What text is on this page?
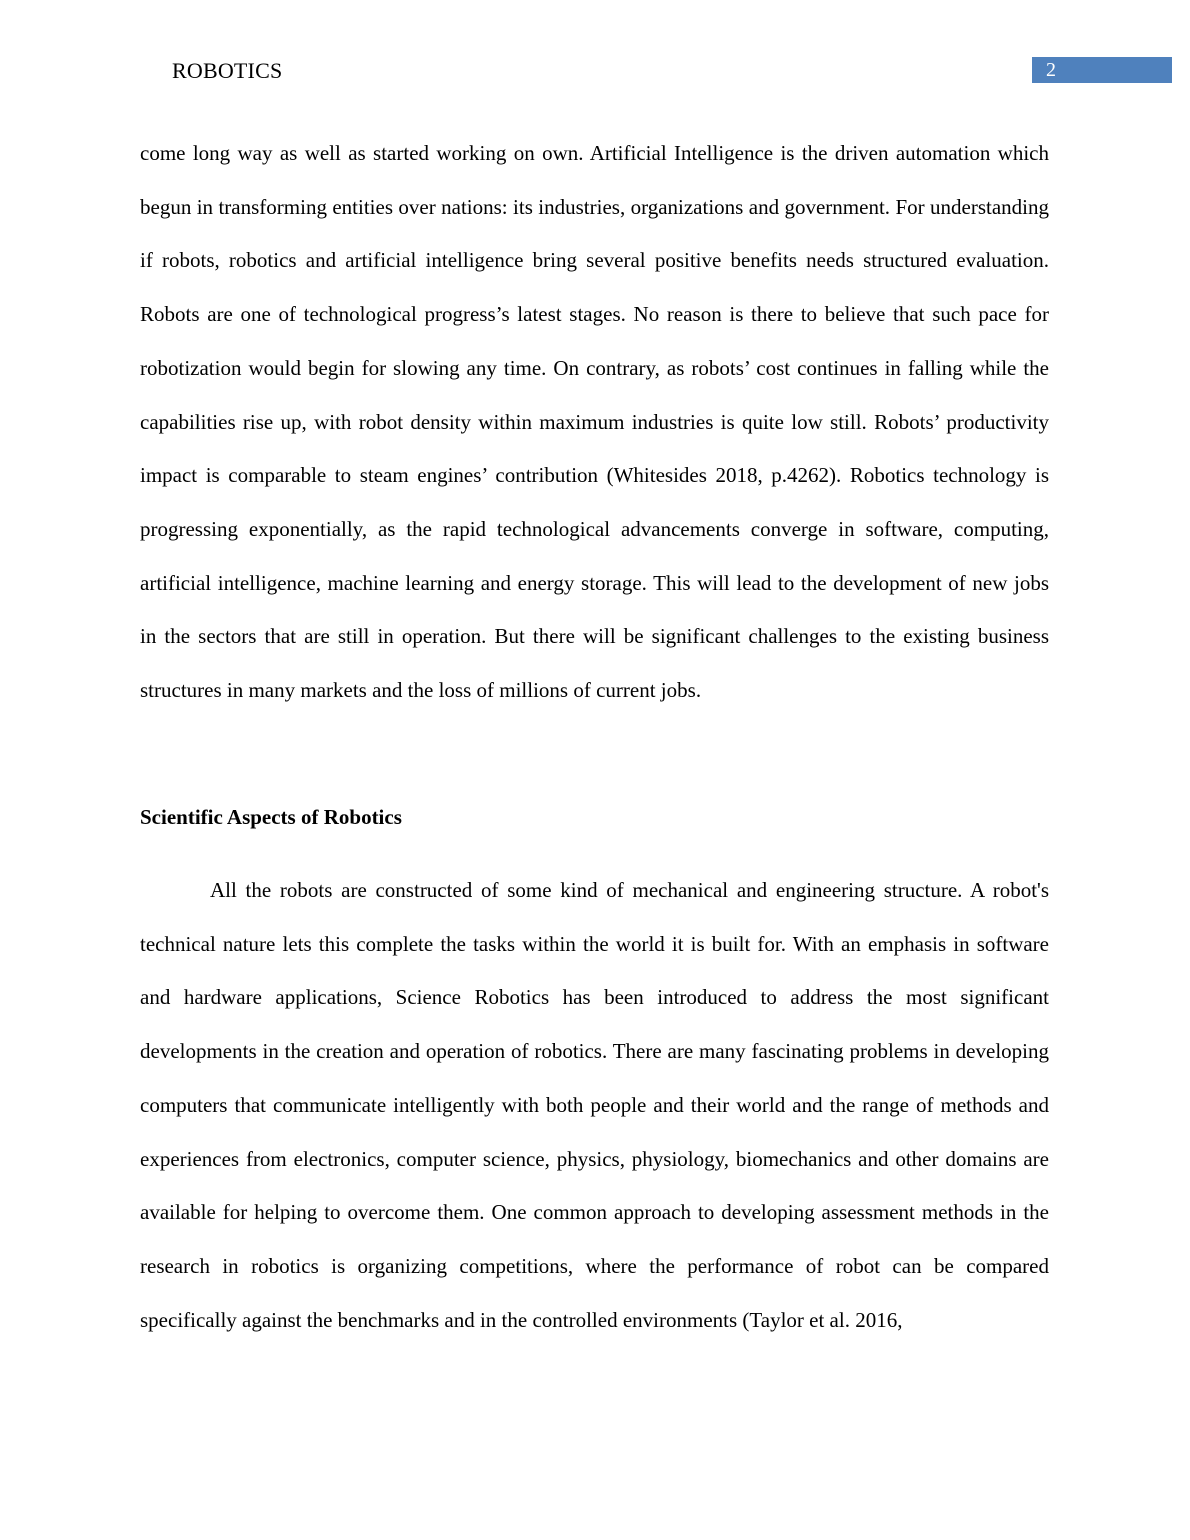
ROBOTICS	2

come long way as well as started working on own. Artificial Intelligence is the driven automation which begun in transforming entities over nations: its industries, organizations and government. For understanding if robots, robotics and artificial intelligence bring several positive benefits needs structured evaluation. Robots are one of technological progress’s latest stages. No reason is there to believe that such pace for robotization would begin for slowing any time. On contrary, as robots’ cost continues in falling while the capabilities rise up, with robot density within maximum industries is quite low still. Robots’ productivity impact is comparable to steam engines’ contribution (Whitesides 2018, p.4262). Robotics technology is progressing exponentially, as the rapid technological advancements converge in software, computing, artificial intelligence, machine learning and energy storage. This will lead to the development of new jobs in the sectors that are still in operation. But there will be significant challenges to the existing business structures in many markets and the loss of millions of current jobs.

Scientific Aspects of Robotics

All the robots are constructed of some kind of mechanical and engineering structure. A robot's technical nature lets this complete the tasks within the world it is built for. With an emphasis in software and hardware applications, Science Robotics has been introduced to address the most significant developments in the creation and operation of robotics. There are many fascinating problems in developing computers that communicate intelligently with both people and their world and the range of methods and experiences from electronics, computer science, physics, physiology, biomechanics and other domains are available for helping to overcome them. One common approach to developing assessment methods in the research in robotics is organizing competitions, where the performance of robot can be compared specifically against the benchmarks and in the controlled environments (Taylor et al. 2016,
